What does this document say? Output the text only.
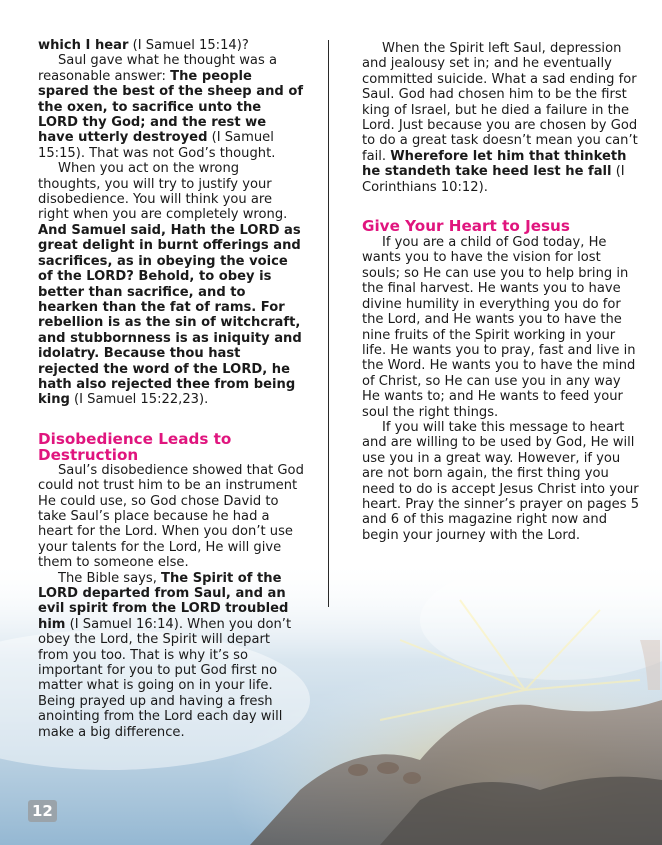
which I hear (I Samuel 15:14)?

Saul gave what he thought was a reasonable answer: The people spared the best of the sheep and of the oxen, to sacrifice unto the LORD thy God; and the rest we have utterly destroyed (I Samuel 15:15). That was not God’s thought.

When you act on the wrong thoughts, you will try to justify your disobedience. You will think you are right when you are completely wrong. And Samuel said, Hath the LORD as great delight in burnt offerings and sacrifices, as in obeying the voice of the LORD? Behold, to obey is better than sacrifice, and to hearken than the fat of rams. For rebellion is as the sin of witchcraft, and stubbornness is as iniquity and idolatry. Because thou hast rejected the word of the LORD, he hath also rejected thee from being king (I Samuel 15:22,23).

Disobedience Leads to Destruction

Saul’s disobedience showed that God could not trust him to be an instrument He could use, so God chose David to take Saul’s place because he had a heart for the Lord. When you don’t use your talents for the Lord, He will give them to someone else.

The Bible says, The Spirit of the LORD departed from Saul, and an evil spirit from the LORD troubled him (I Samuel 16:14). When you don’t obey the Lord, the Spirit will depart from you too. That is why it’s so important for you to put God first no matter what is going on in your life. Being prayed up and having a fresh anointing from the Lord each day will make a big difference.

When the Spirit left Saul, depression and jealousy set in; and he eventually committed suicide. What a sad ending for Saul. God had chosen him to be the first king of Israel, but he died a failure in the Lord. Just because you are chosen by God to do a great task doesn’t mean you can’t fail. Wherefore let him that thinketh he standeth take heed lest he fall (I Corinthians 10:12).

Give Your Heart to Jesus

If you are a child of God today, He wants you to have the vision for lost souls; so He can use you to help bring in the final harvest. He wants you to have divine humility in everything you do for the Lord, and He wants you to have the nine fruits of the Spirit working in your life. He wants you to pray, fast and live in the Word. He wants you to have the mind of Christ, so He can use you in any way He wants to; and He wants to feed your soul the right things.

If you will take this message to heart and are willing to be used by God, He will use you in a great way. However, if you are not born again, the first thing you need to do is accept Jesus Christ into your heart. Pray the sinner’s prayer on pages 5 and 6 of this magazine right now and begin your journey with the Lord.

12
